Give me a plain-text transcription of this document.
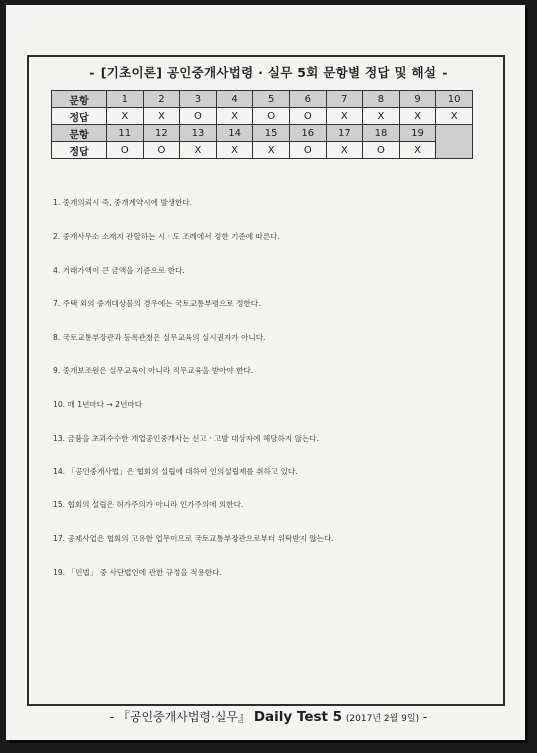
- [기초이론] 공인중개사법령 · 실무 5회 문항별 정답 및 해설 -
문항	1	2	3	4	5	6	7	8	9	10
정답	X	X	O	X	O	O	X	X	X	X
문항	11	12	13	14	15	16	17	18	19	
정답	O	O	X	X	X	O	X	O	X	
1. 중개의뢰시 즉, 중개계약시에 발생한다.
2. 중개사무소 소재지 관할하는 시 · 도 조례에서 정한 기준에 따른다.
4. 거래가액이 큰 금액을 기준으로 한다.
7. 주택 외의 중개대상물의 경우에는 국토교통부령으로 정한다.
8. 국토교통부장관과 등록관청은 실무교육의 실시권자가 아니다.
9. 중개보조원은 실무교육이 아니라 직무교육을 받아야 한다.
10. 매 1년마다 → 2년마다
13. 금품을 초과수수한 개업공인중개사는 신고 · 고발 대상자에 해당하지 않는다.
14. 「공인중개사법」은 협회의 설립에 대하여 인의설립제를 취하고 있다.
15. 협회의 설립은 허가주의가 아니라 인가주의에 의한다.
17. 공제사업은 협회의 고유한 업무이므로 국토교통부장관으로부터 위탁받지 않는다.
19. 「민법」 중 사단법인에 관한 규정을 적용한다.
- 『공인중개사법령·실무』 Daily Test 5 (2017년 2월 9일) -
